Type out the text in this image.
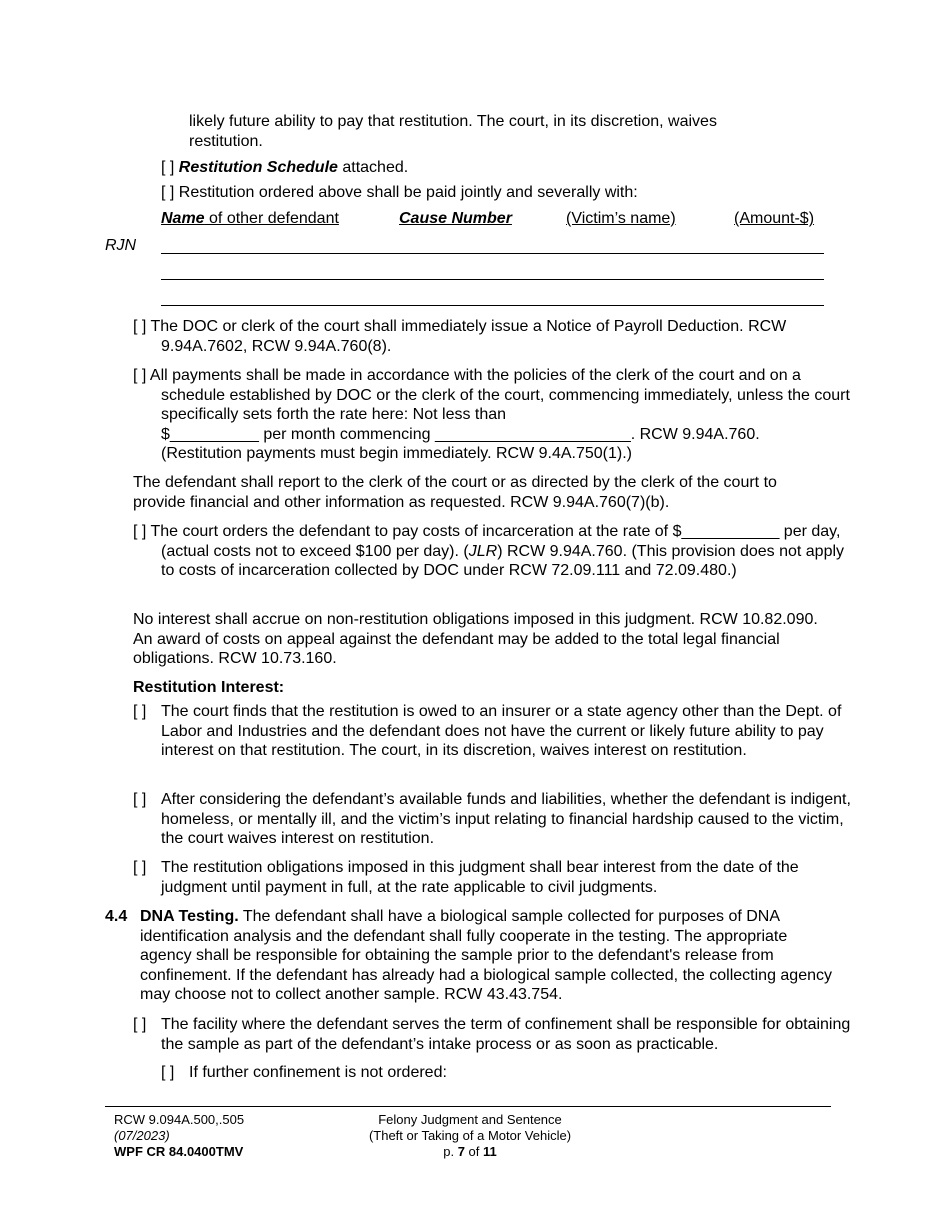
likely future ability to pay that restitution. The court, in its discretion, waives restitution.
[ ] Restitution Schedule attached.
[ ] Restitution ordered above shall be paid jointly and severally with:
Name of other defendant	Cause Number	(Victim’s name)	(Amount-$)
RJN
[ ] The DOC or clerk of the court shall immediately issue a Notice of Payroll Deduction. RCW 9.94A.7602, RCW 9.94A.760(8).
[ ] All payments shall be made in accordance with the policies of the clerk of the court and on a schedule established by DOC or the clerk of the court, commencing immediately, unless the court specifically sets forth the rate here: Not less than
$__________ per month commencing ______________________. RCW 9.94A.760.
(Restitution payments must begin immediately. RCW 9.4A.750(1).)
The defendant shall report to the clerk of the court or as directed by the clerk of the court to provide financial and other information as requested. RCW 9.94A.760(7)(b).
[ ] The court orders the defendant to pay costs of incarceration at the rate of $___________ per day, (actual costs not to exceed $100 per day). (JLR) RCW 9.94A.760. (This provision does not apply to costs of incarceration collected by DOC under RCW 72.09.111 and 72.09.480.)
No interest shall accrue on non-restitution obligations imposed in this judgment. RCW 10.82.090. An award of costs on appeal against the defendant may be added to the total legal financial obligations. RCW 10.73.160.
Restitution Interest:
[ ] The court finds that the restitution is owed to an insurer or a state agency other than the Dept. of Labor and Industries and the defendant does not have the current or likely future ability to pay interest on that restitution. The court, in its discretion, waives interest on restitution.
[ ] After considering the defendant’s available funds and liabilities, whether the defendant is indigent, homeless, or mentally ill, and the victim’s input relating to financial hardship caused to the victim, the court waives interest on restitution.
[ ] The restitution obligations imposed in this judgment shall bear interest from the date of the judgment until payment in full, at the rate applicable to civil judgments.
4.4 DNA Testing. The defendant shall have a biological sample collected for purposes of DNA identification analysis and the defendant shall fully cooperate in the testing. The appropriate agency shall be responsible for obtaining the sample prior to the defendant's release from confinement. If the defendant has already had a biological sample collected, the collecting agency may choose not to collect another sample. RCW 43.43.754.
[ ] The facility where the defendant serves the term of confinement shall be responsible for obtaining the sample as part of the defendant’s intake process or as soon as practicable.
[ ] If further confinement is not ordered:
RCW 9.094A.500,.505
(07/2023)
WPF CR 84.0400TMV
Felony Judgment and Sentence
(Theft or Taking of a Motor Vehicle)
p. 7 of 11
